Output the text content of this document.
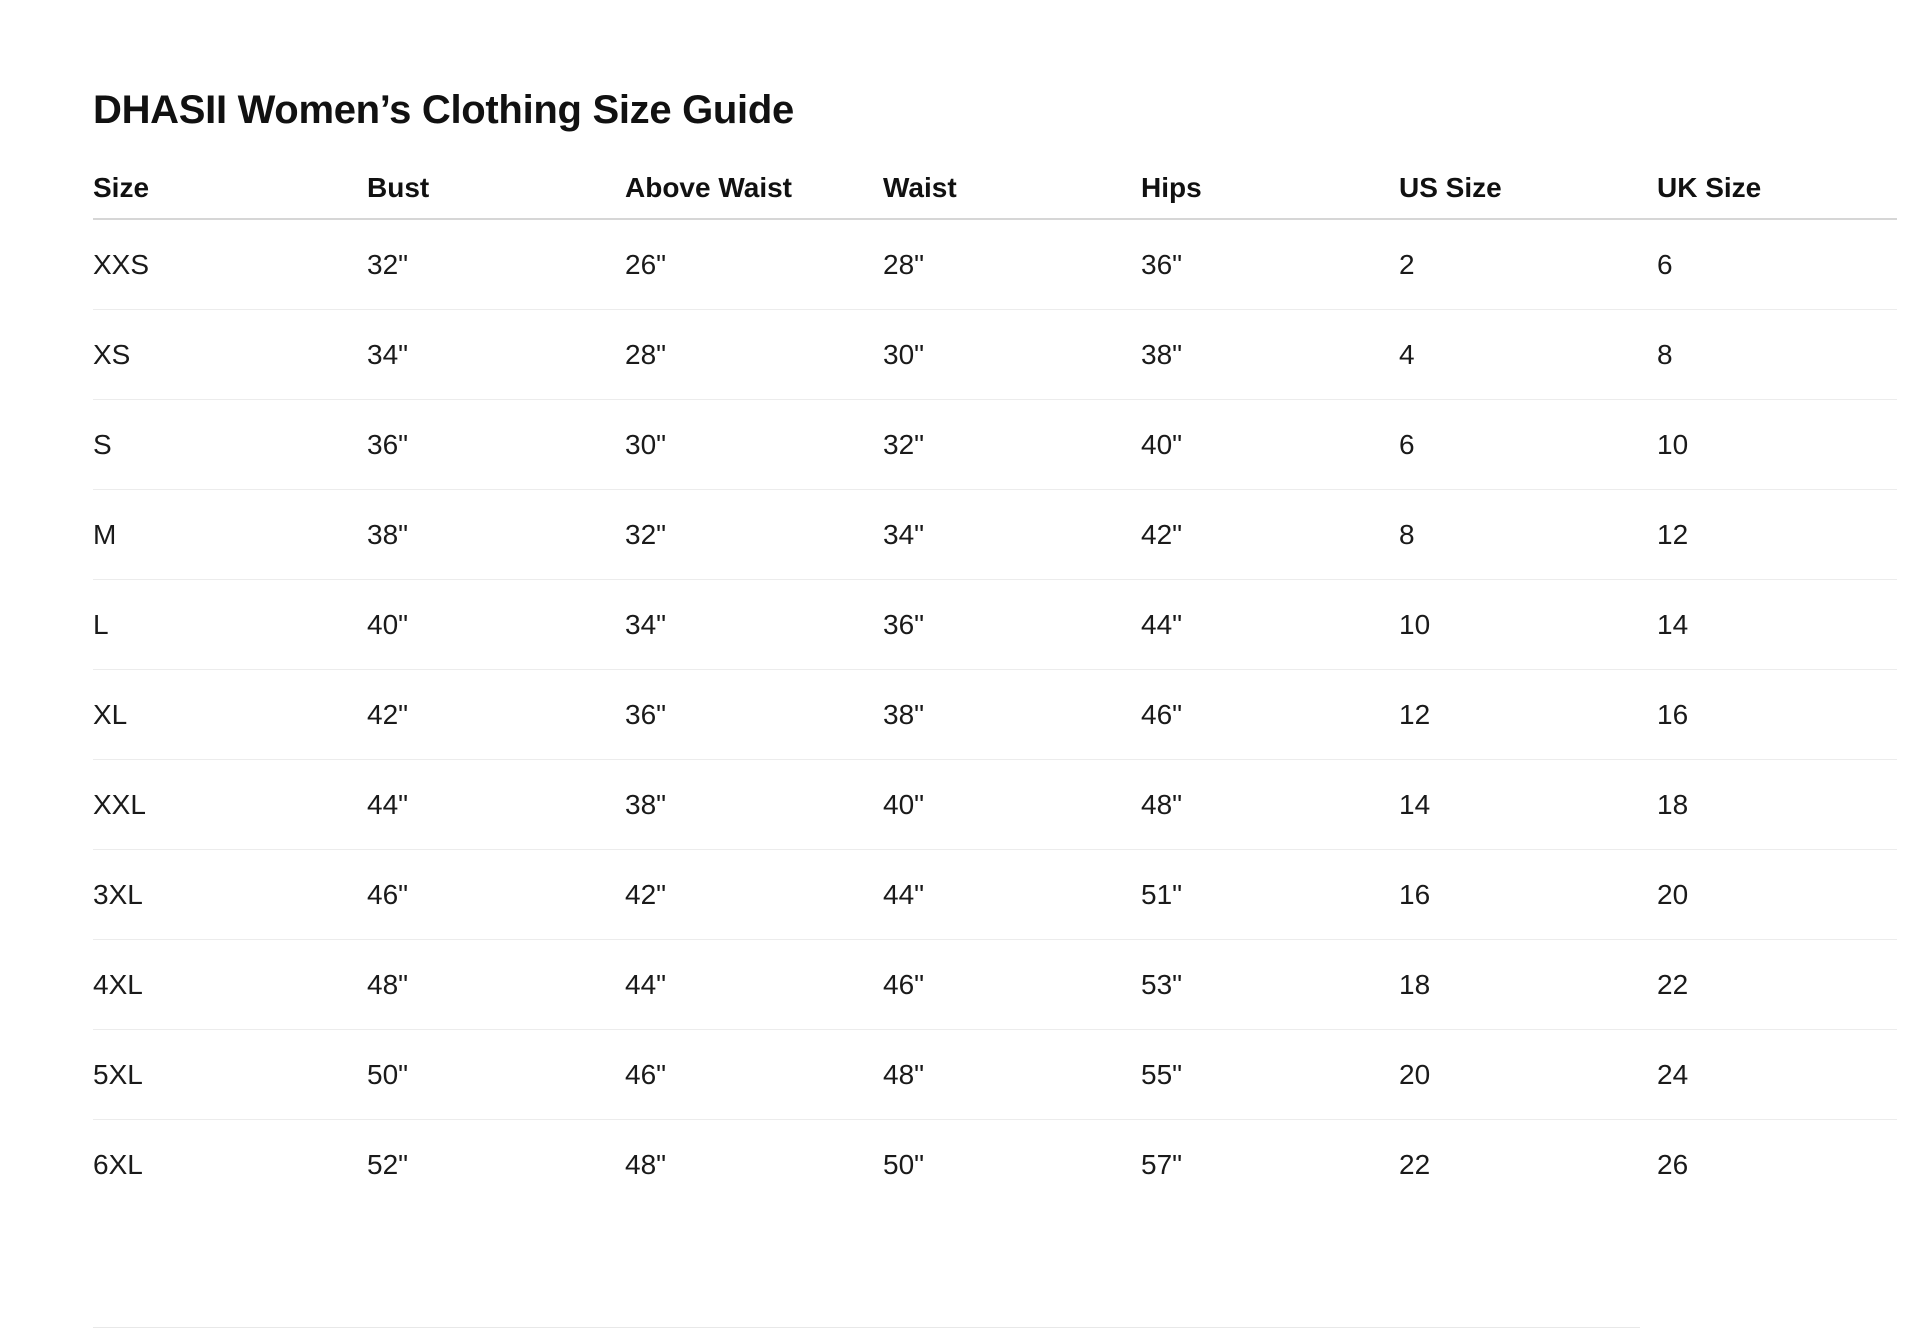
DHASII Women’s Clothing Size Guide
Size	Bust	Above Waist	Waist	Hips	US Size	UK Size
XXS	32"	26"	28"	36"	2	6
XS	34"	28"	30"	38"	4	8
S	36"	30"	32"	40"	6	10
M	38"	32"	34"	42"	8	12
L	40"	34"	36"	44"	10	14
XL	42"	36"	38"	46"	12	16
XXL	44"	38"	40"	48"	14	18
3XL	46"	42"	44"	51"	16	20
4XL	48"	44"	46"	53"	18	22
5XL	50"	46"	48"	55"	20	24
6XL	52"	48"	50"	57"	22	26
